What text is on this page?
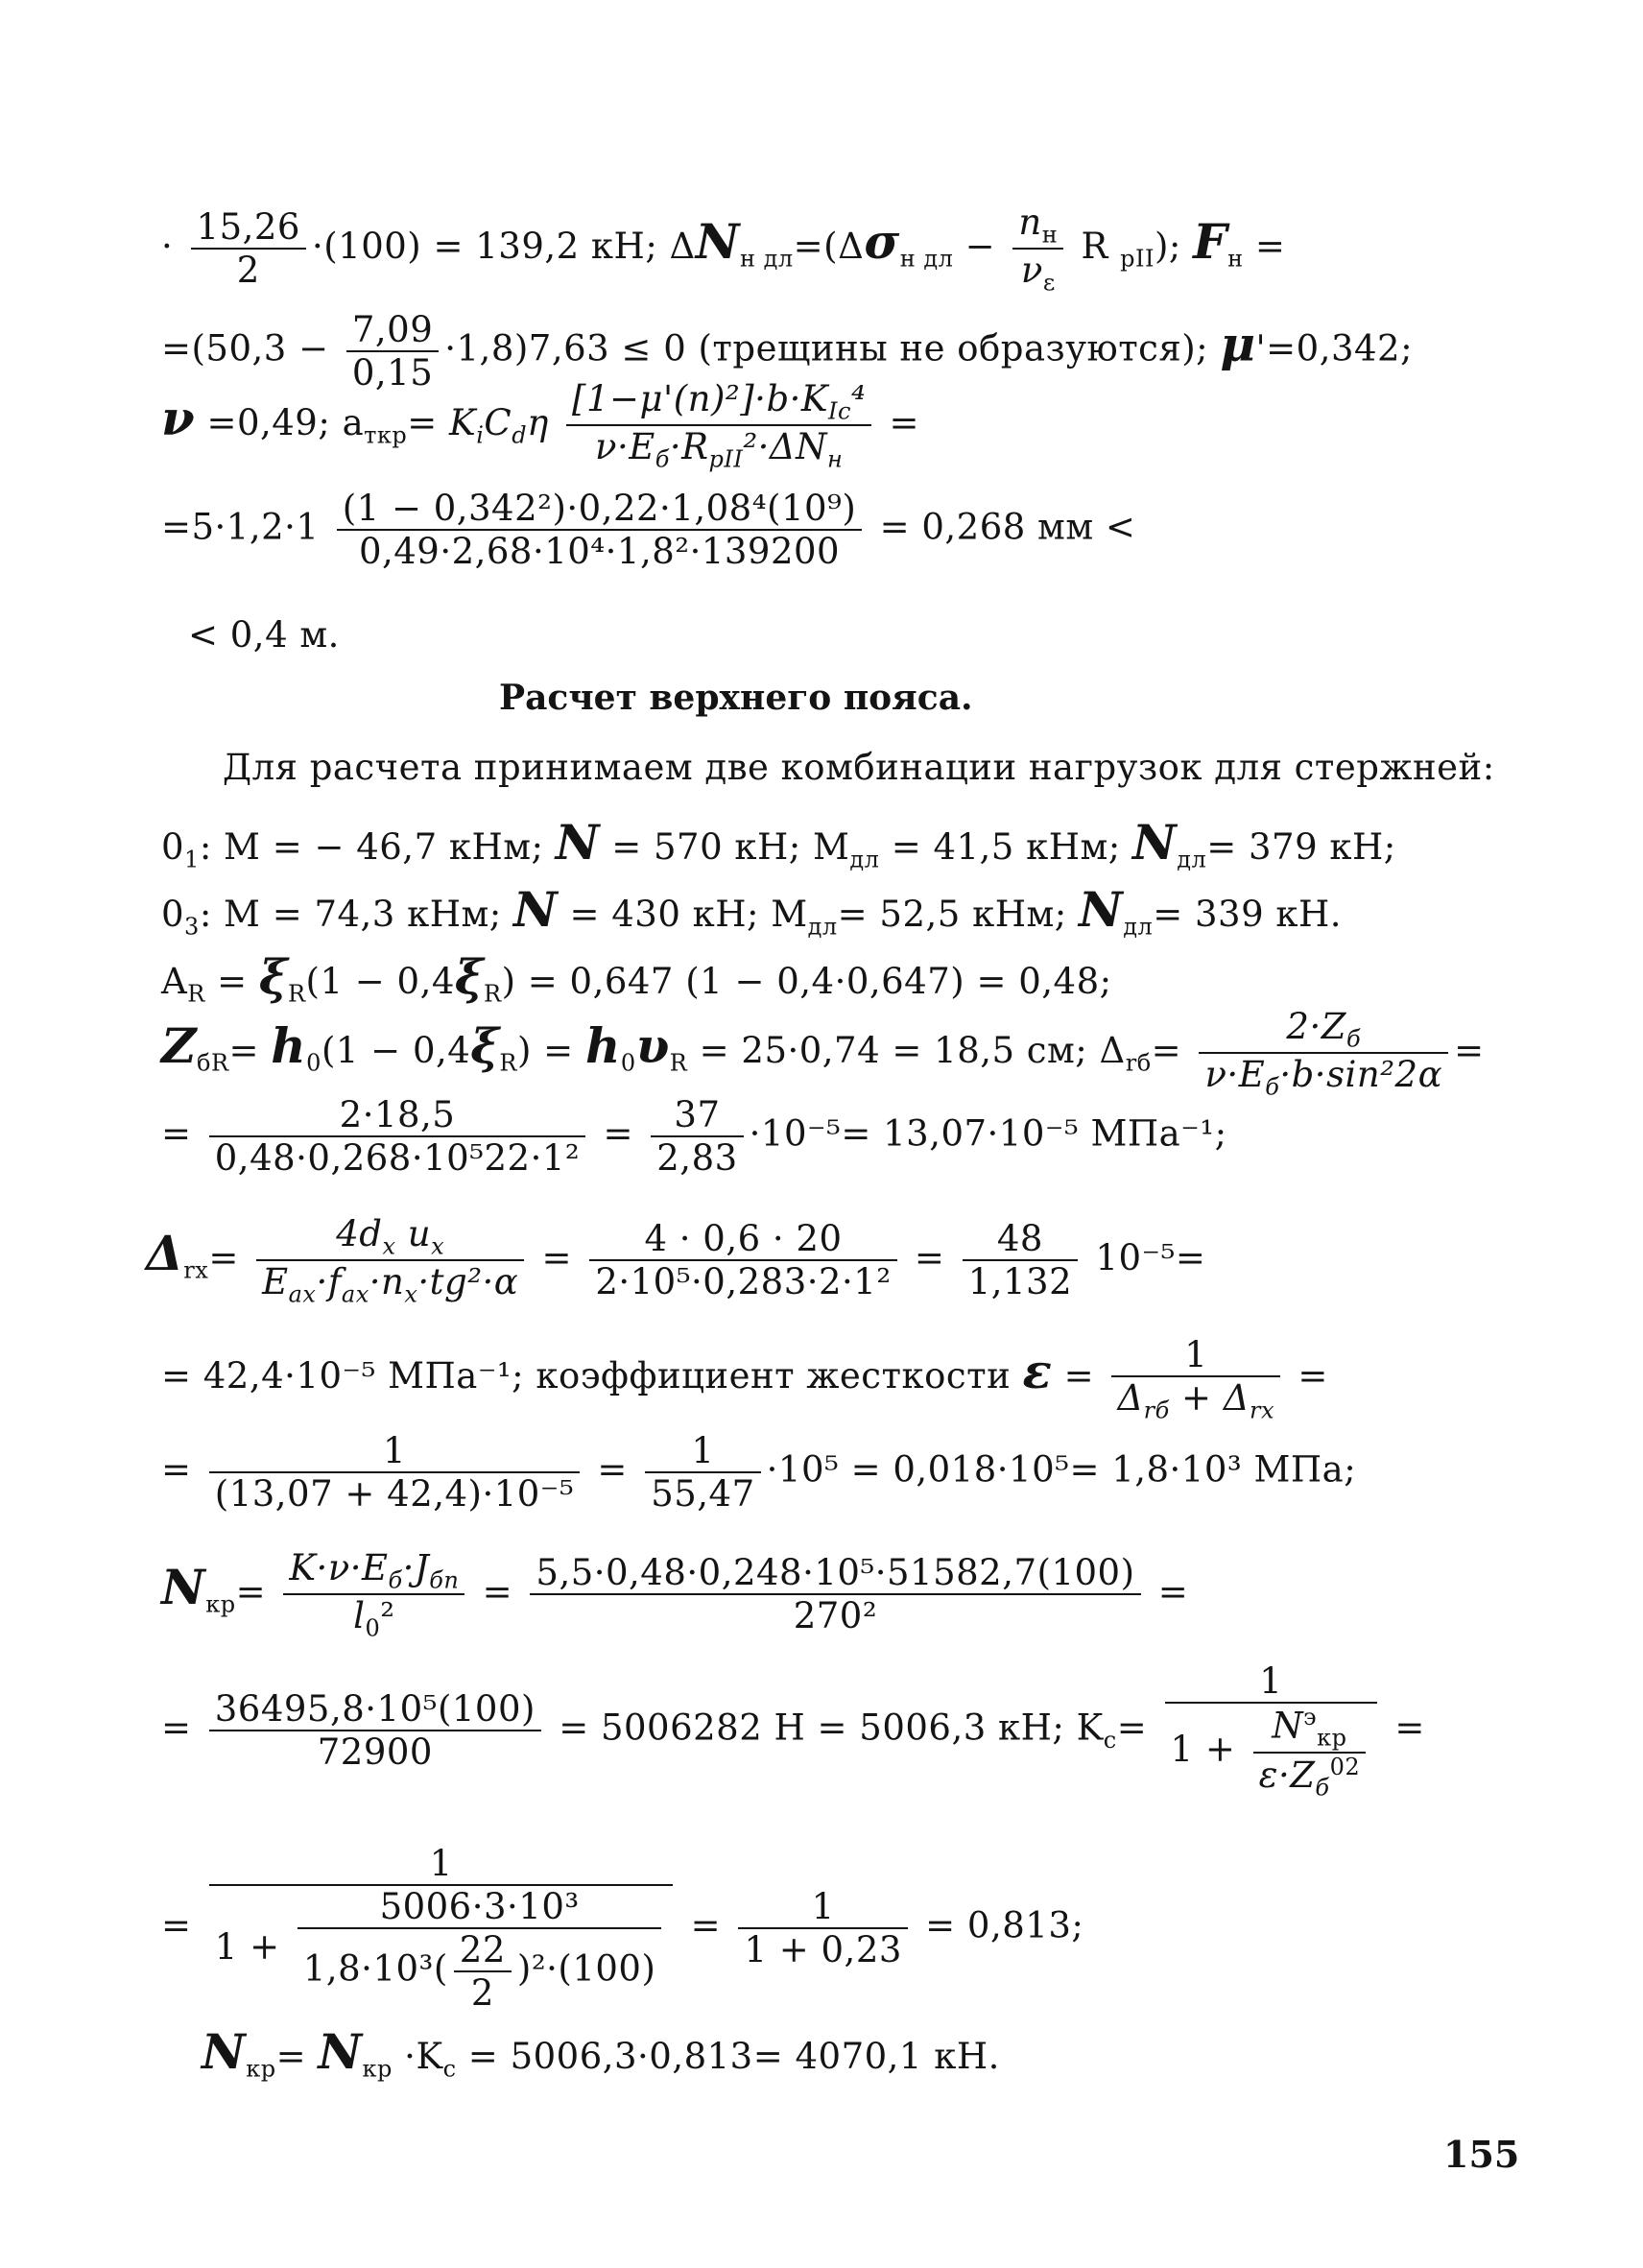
· $\frac{15,26}{2} \cdot(100) = 139,2$ кН; $\Delta N_{н дл}=(\Delta\sigma_{н дл} - \frac{n_н}{\nu_\varepsilon}$ R $_{pII}$); $F_н$ =
$=(50,3 - \frac{7,09}{0,15} \cdot 1,8)7,63 \le 0$ (трещины не образуются); μ'=0,342;
ν =0,49; $a_{ткр}= K_iC_d\eta \frac{[1-\mu'(n)^2]\cdot b\cdot K_{Ic}^4}{\nu\cdot E_б\cdot R_{pII}^2\cdot\Delta N_н}$ =
$=5\cdot 1,2\cdot 1 \frac{\text{(1 − 0,342²)·0,22·1,08⁴(10⁹)}}{\text{0,49·2,68·10⁴·1,8²·139200}} = 0,268$ мм <
< 0,4 м.
Расчет верхнего пояса.
Для расчета принимаем две комбинации нагрузок для стержней:
$0_1$: M = − 46,7 кНм; N = 570 кН; $M_{дл} = 41,5$ кНм; $N_{дл}= 379$ кН;
$0_3$: M = 74,3 кНм; N = 430 кН; $M_{дл}= 52,5$ кНм; $N_{дл}= 339$ кН.
$A_R = \xi_R(1 - 0,4\xi_R) = 0,647$ (1 − 0,4·0,647) = 0,48;
$Z_{бR}= h_0(1 - 0,4\xi_R) = h_0\upsilon_R = 25\cdot 0,74 = 18,5$ см; $\Delta_{rб}= \frac{2\cdot Z_б}{\nu\cdot E_б\cdot b\cdot\sin^22\alpha}$ =
= $\frac{2\cdot 18,5}{\text{0,48·0,268·10⁵22·1²}} = \frac{37}{2,83} \cdot 10^{-5}= 13,07\cdot 10^{-5}$ МПа⁻¹;
$\Delta_{rx}= \frac{4d_x u_x}{E_{ax}\cdot f_{ax}\cdot n_x\cdot tg^2\cdot\alpha} = \frac{4 \cdot 0,6 \cdot 20}{\text{2·10⁵·0,283·2·1²}} = \frac{48}{1,132} 10^{-5}=$
= 42,4·10⁻⁵ МПа⁻¹; коэффициент жесткости $\varepsilon = \frac{1}{\Delta_{rб} + \Delta_{rx}}$ =
= $\frac{1}{\text{(13,07 + 42,4)·10⁻⁵}} = \frac{1}{55,47} \cdot 10^5 = 0,018\cdot 10^5= 1,8\cdot 10^3$ МПа;
$N_{кр}= \frac{K\cdot\nu\cdot E_б\cdot J_{бn}}{l_0^2} = \frac{\text{5,5·0,48·0,248·10⁵·51582,7(100)}}{\text{270²}}$ =
= $\frac{\text{36495,8·10⁵(100)}}{72900} = 5006282$ Н = 5006,3 кН; $K_c= \frac{1}{1 + \frac{N^э_{кр}}{\varepsilon\cdot Z_б^{02}}}$ =
= $\frac{1}{1 + \frac{\text{5006·3·10³}}{1,8\cdot 10^3( \frac{22}{2} )^2\cdot(100)}} = \frac{1}{1 + 0,23} = 0,813$;
$N_{кр}= N_{кр} \cdot K_c = 5006,3\cdot 0,813= 4070,1$ кН.
155
